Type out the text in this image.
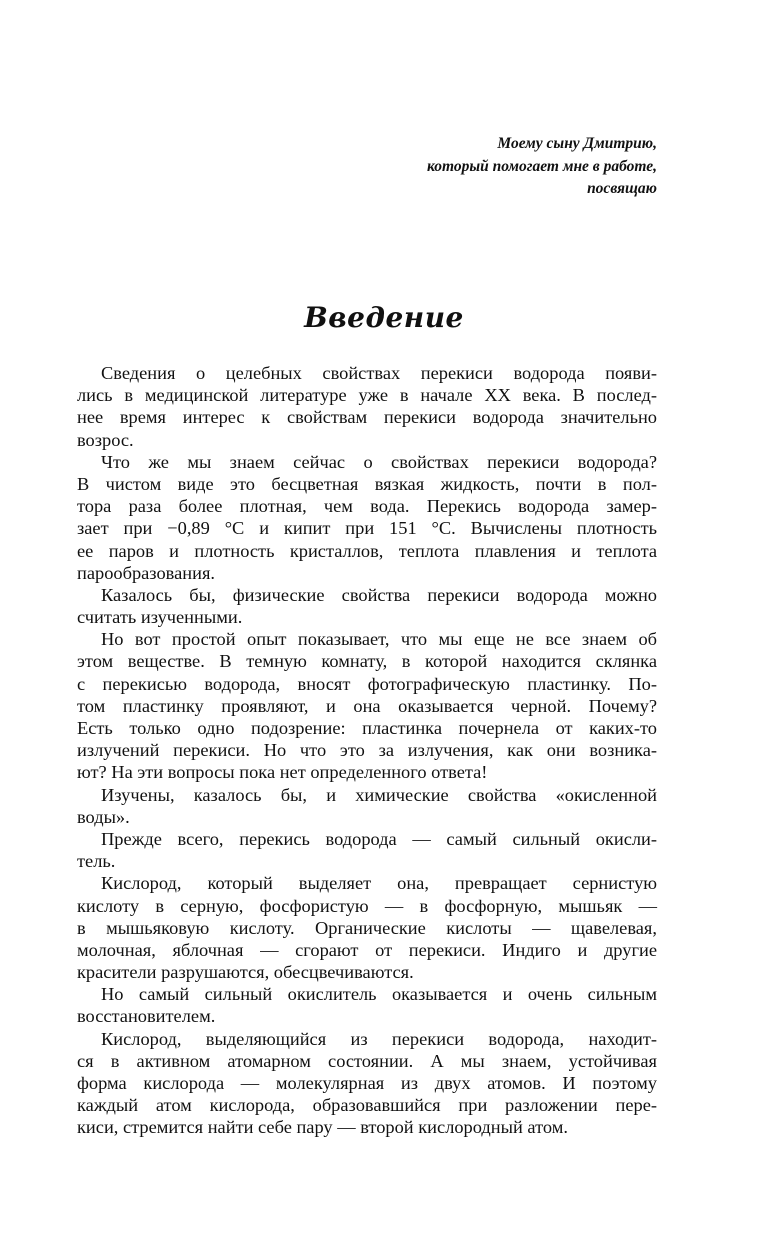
Моему сыну Дмитрию,
который помогает мне в работе,
посвящаю
Введение
Сведения о целебных свойствах перекиси водорода появи-
лись в медицинской литературе уже в начале XX века. В послед-
нее время интерес к свойствам перекиси водорода значительно
возрос.
Что же мы знаем сейчас о свойствах перекиси водорода?
В чистом виде это бесцветная вязкая жидкость, почти в пол-
тора раза более плотная, чем вода. Перекись водорода замер-
зает при −0,89 °С и кипит при 151 °С. Вычислены плотность
ее паров и плотность кристаллов, теплота плавления и теплота
парообразования.
Казалось бы, физические свойства перекиси водорода можно
считать изученными.
Но вот простой опыт показывает, что мы еще не все знаем об
этом веществе. В темную комнату, в которой находится склянка
с перекисью водорода, вносят фотографическую пластинку. По-
том пластинку проявляют, и она оказывается черной. Почему?
Есть только одно подозрение: пластинка почернела от каких-то
излучений перекиси. Но что это за излучения, как они возника-
ют? На эти вопросы пока нет определенного ответа!
Изучены, казалось бы, и химические свойства «окисленной
воды».
Прежде всего, перекись водорода — самый сильный окисли-
тель.
Кислород, который выделяет она, превращает сернистую
кислоту в серную, фосфористую — в фосфорную, мышьяк —
в мышьяковую кислоту. Органические кислоты — щавелевая,
молочная, яблочная — сгорают от перекиси. Индиго и другие
красители разрушаются, обесцвечиваются.
Но самый сильный окислитель оказывается и очень сильным
восстановителем.
Кислород, выделяющийся из перекиси водорода, находит-
ся в активном атомарном состоянии. А мы знаем, устойчивая
форма кислорода — молекулярная из двух атомов. И поэтому
каждый атом кислорода, образовавшийся при разложении пере-
киси, стремится найти себе пару — второй кислородный атом.
